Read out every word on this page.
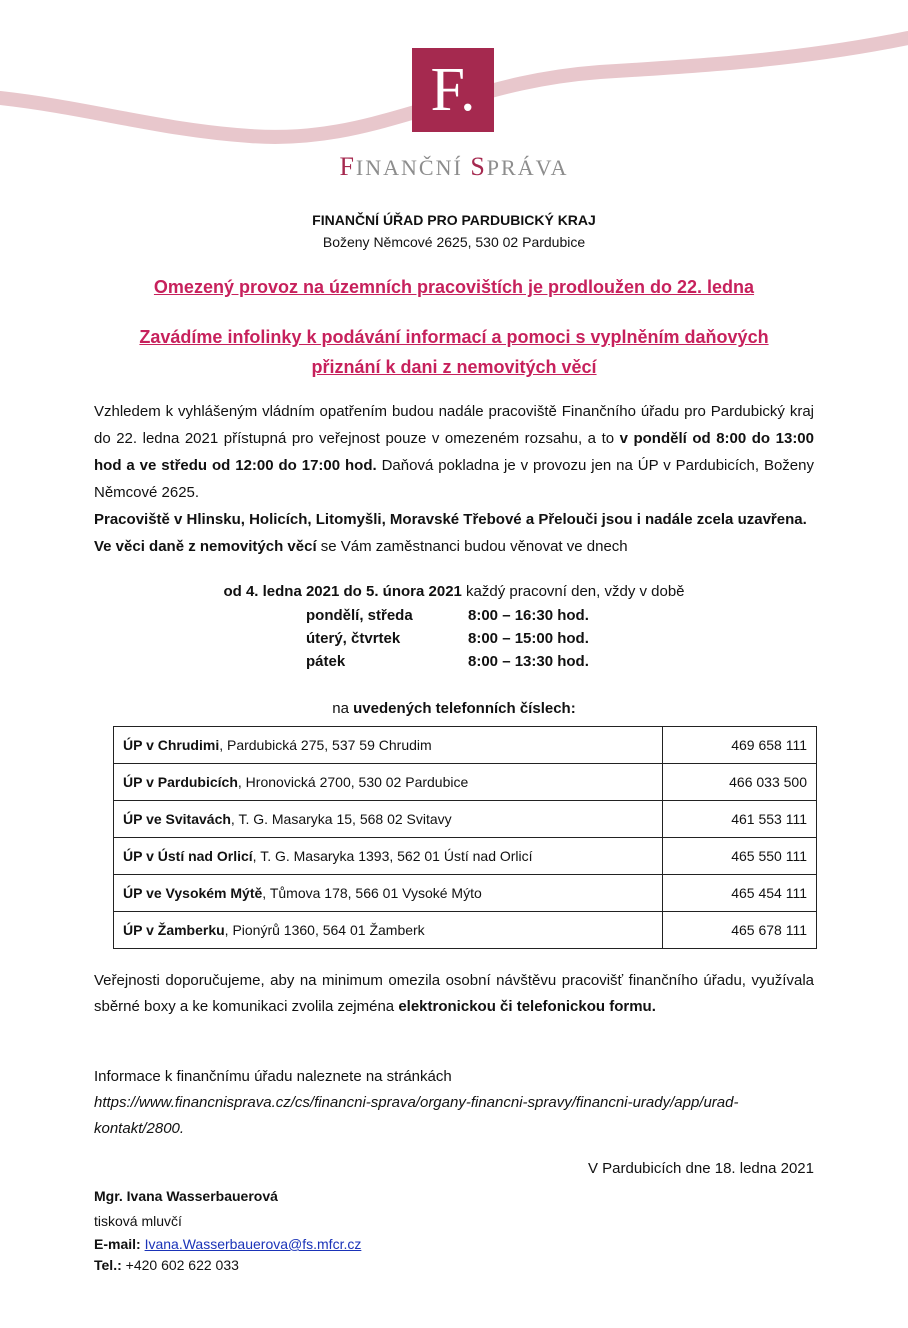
F.
FINANČNÍ SPRÁVA
FINANČNÍ ÚŘAD PRO PARDUBICKÝ KRAJ
Boženy Němcové 2625, 530 02 Pardubice
Omezený provoz na územních pracovištích je prodloužen do 22. ledna
Zavádíme infolinky k podávání informací a pomoci s vyplněním daňových přiznání k dani z nemovitých věcí
Vzhledem k vyhlášeným vládním opatřením budou nadále pracoviště Finančního úřadu pro Pardubický kraj do 22. ledna 2021 přístupná pro veřejnost pouze v omezeném rozsahu, a to v pondělí od 8:00 do 13:00 hod a ve středu od 12:00 do 17:00 hod. Daňová pokladna je v provozu jen na ÚP v Pardubicích, Boženy Němcové 2625.
Pracoviště v Hlinsku, Holicích, Litomyšli, Moravské Třebové a Přelouči jsou i nadále zcela uzavřena.
Ve věci daně z nemovitých věcí se Vám zaměstnanci budou věnovat ve dnech
od 4. ledna 2021 do 5. února 2021 každý pracovní den, vždy v době
pondělí, středa	8:00 – 16:30 hod.
úterý, čtvrtek	8:00 – 15:00 hod.
pátek	8:00 – 13:30 hod.
na uvedených telefonních číslech:
ÚP v Chrudimi, Pardubická 275, 537 59 Chrudim	469 658 111
ÚP v Pardubicích, Hronovická 2700, 530 02 Pardubice	466 033 500
ÚP ve Svitavách, T. G. Masaryka 15, 568 02 Svitavy	461 553 111
ÚP v Ústí nad Orlicí, T. G. Masaryka 1393, 562 01 Ústí nad Orlicí	465 550 111
ÚP ve Vysokém Mýtě, Tůmova 178, 566 01 Vysoké Mýto	465 454 111
ÚP v Žamberku, Pionýrů 1360, 564 01 Žamberk	465 678 111
Veřejnosti doporučujeme, aby na minimum omezila osobní návštěvu pracovišť finančního úřadu, využívala sběrné boxy a ke komunikaci zvolila zejména elektronickou či telefonickou formu.
Informace k finančnímu úřadu naleznete na stránkách
https://www.financnisprava.cz/cs/financni-sprava/organy-financni-spravy/financni-urady/app/urad-kontakt/2800.
V Pardubicích dne 18. ledna 2021
Mgr. Ivana Wasserbauerová
tisková mluvčí
E-mail: Ivana.Wasserbauerova@fs.mfcr.cz
Tel.: +420 602 622 033
